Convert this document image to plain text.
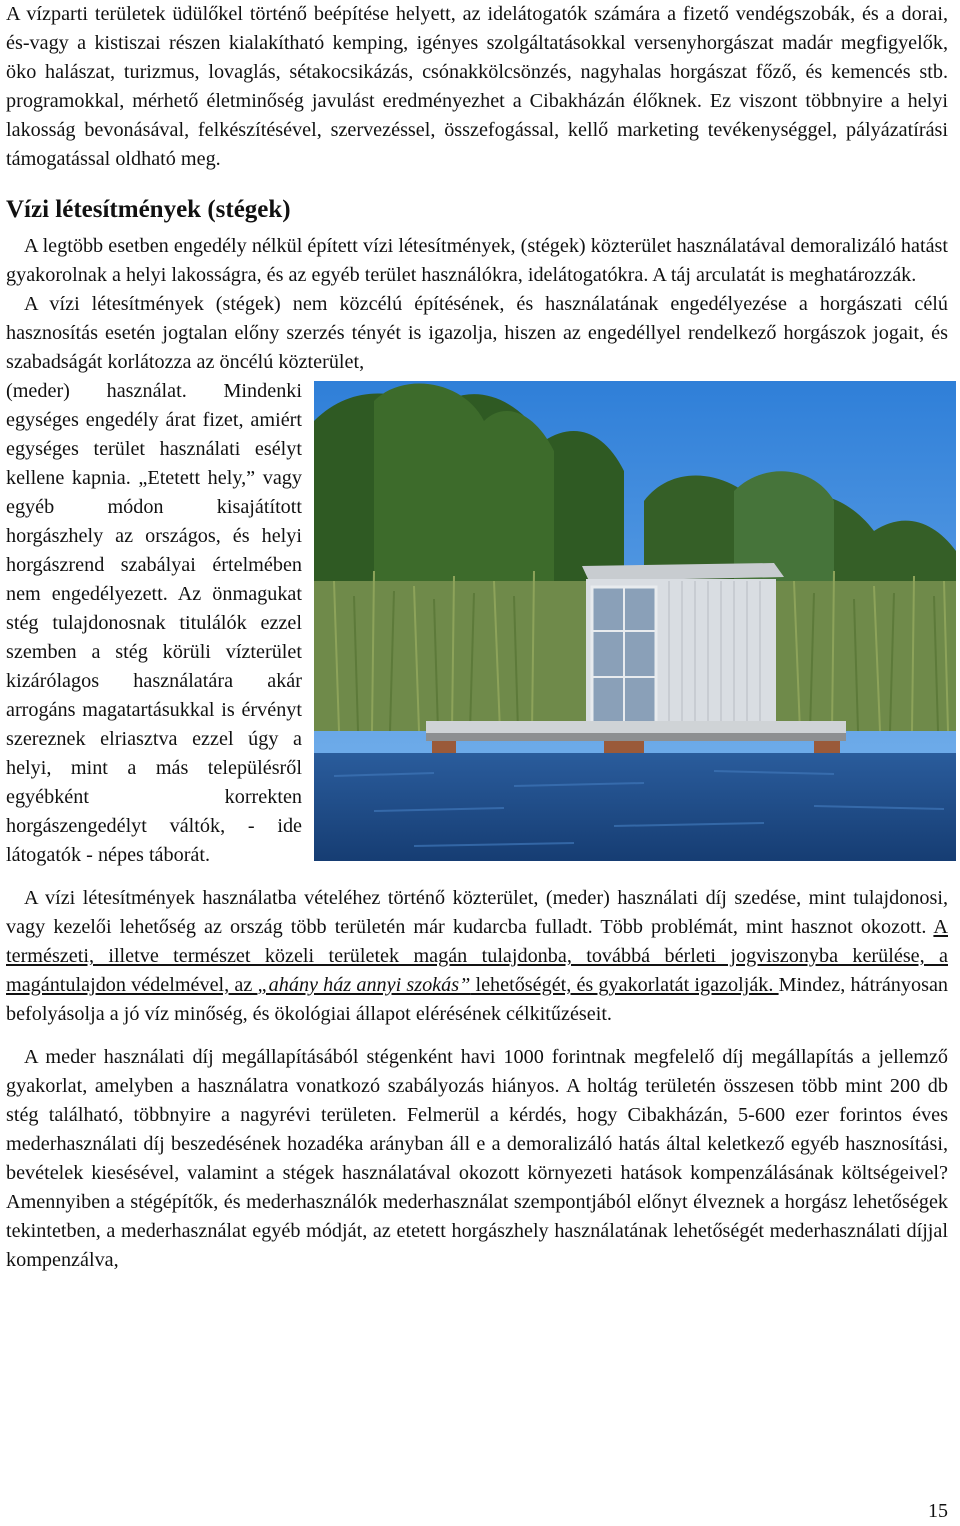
A vízparti területek üdülőkel történő beépítése helyett, az idelátogatók számára a fizető vendégszobák, és a dorai, és-vagy a kistiszai részen kialakítható kemping, igényes szolgáltatásokkal versenyhorgászat madár megfigyelők, öko halászat, turizmus, lovaglás, sétakocsikázás, csónakkölcsönzés, nagyhalas horgászat főző, és kemencés stb. programokkal, mérhető életminőség javulást eredményezhet a Cibakházán élőknek. Ez viszont többnyire a helyi lakosság bevonásával, felkészítésével, szervezéssel, összefogással, kellő marketing tevékenységgel, pályázatírási támogatással oldható meg.

Vízi létesítmények (stégek)

A legtöbb esetben engedély nélkül épített vízi létesítmények, (stégek) közterület használatával demoralizáló hatást gyakorolnak a helyi lakosságra, és az egyéb terület használókra, idelátogatókra. A táj arculatát is meghatározzák.

A vízi létesítmények (stégek) nem közcélú építésének, és használatának engedélyezése a horgászati célú hasznosítás esetén jogtalan előny szerzés tényét is igazolja, hiszen az engedéllyel rendelkező horgászok jogait, és szabadságát korlátozza az öncélú közterület,

(meder) használat. Mindenki egységes engedély árat fizet, amiért egységes terület használati esélyt kellene kapnia. „Etetett hely,” vagy egyéb módon kisajátított horgászhely az országos, és helyi horgászrend szabályai értelmében nem engedélyezett. Az önmagukat stég tulajdonosnak titulálók ezzel szemben a stég körüli vízterület kizárólagos használatára akár arrogáns magatartásukkal is érvényt szereznek elriasztva ezzel úgy a helyi, mint a más településről egyébként korrekten horgászengedélyt váltók, - ide látogatók - népes táborát.

A vízi létesítmények használatba vételéhez történő közterület, (meder) használati díj szedése, mint tulajdonosi, vagy kezelői lehetőség az ország több területén már kudarcba fulladt. Több problémát, mint hasznot okozott. A természeti, illetve természet közeli területek magán tulajdonba, továbbá bérleti jogviszonyba kerülése, a magántulajdon védelmével, az „ahány ház annyi szokás” lehetőségét, és gyakorlatát igazolják. Mindez, hátrányosan befolyásolja a jó víz minőség, és ökológiai állapot elérésének célkitűzéseit.

A meder használati díj megállapításából stégenként havi 1000 forintnak megfelelő díj megállapítás a jellemző gyakorlat, amelyben a használatra vonatkozó szabályozás hiányos. A holtág területén összesen több mint 200 db stég található, többnyire a nagyrévi területen. Felmerül a kérdés, hogy Cibakházán, 5-600 ezer forintos éves mederhasználati díj beszedésének hozadéka arányban áll e a demoralizáló hatás által keletkező egyéb hasznosítási, bevételek kiesésével, valamint a stégek használatával okozott környezeti hatások kompenzálásának költségeivel? Amennyiben a stégépítők, és mederhasználók mederhasználat szempontjából előnyt élveznek a horgász lehetőségek tekintetben, a mederhasználat egyéb módját, az etetett horgászhely használatának lehetőségét mederhasználati díjjal kompenzálva,

15
